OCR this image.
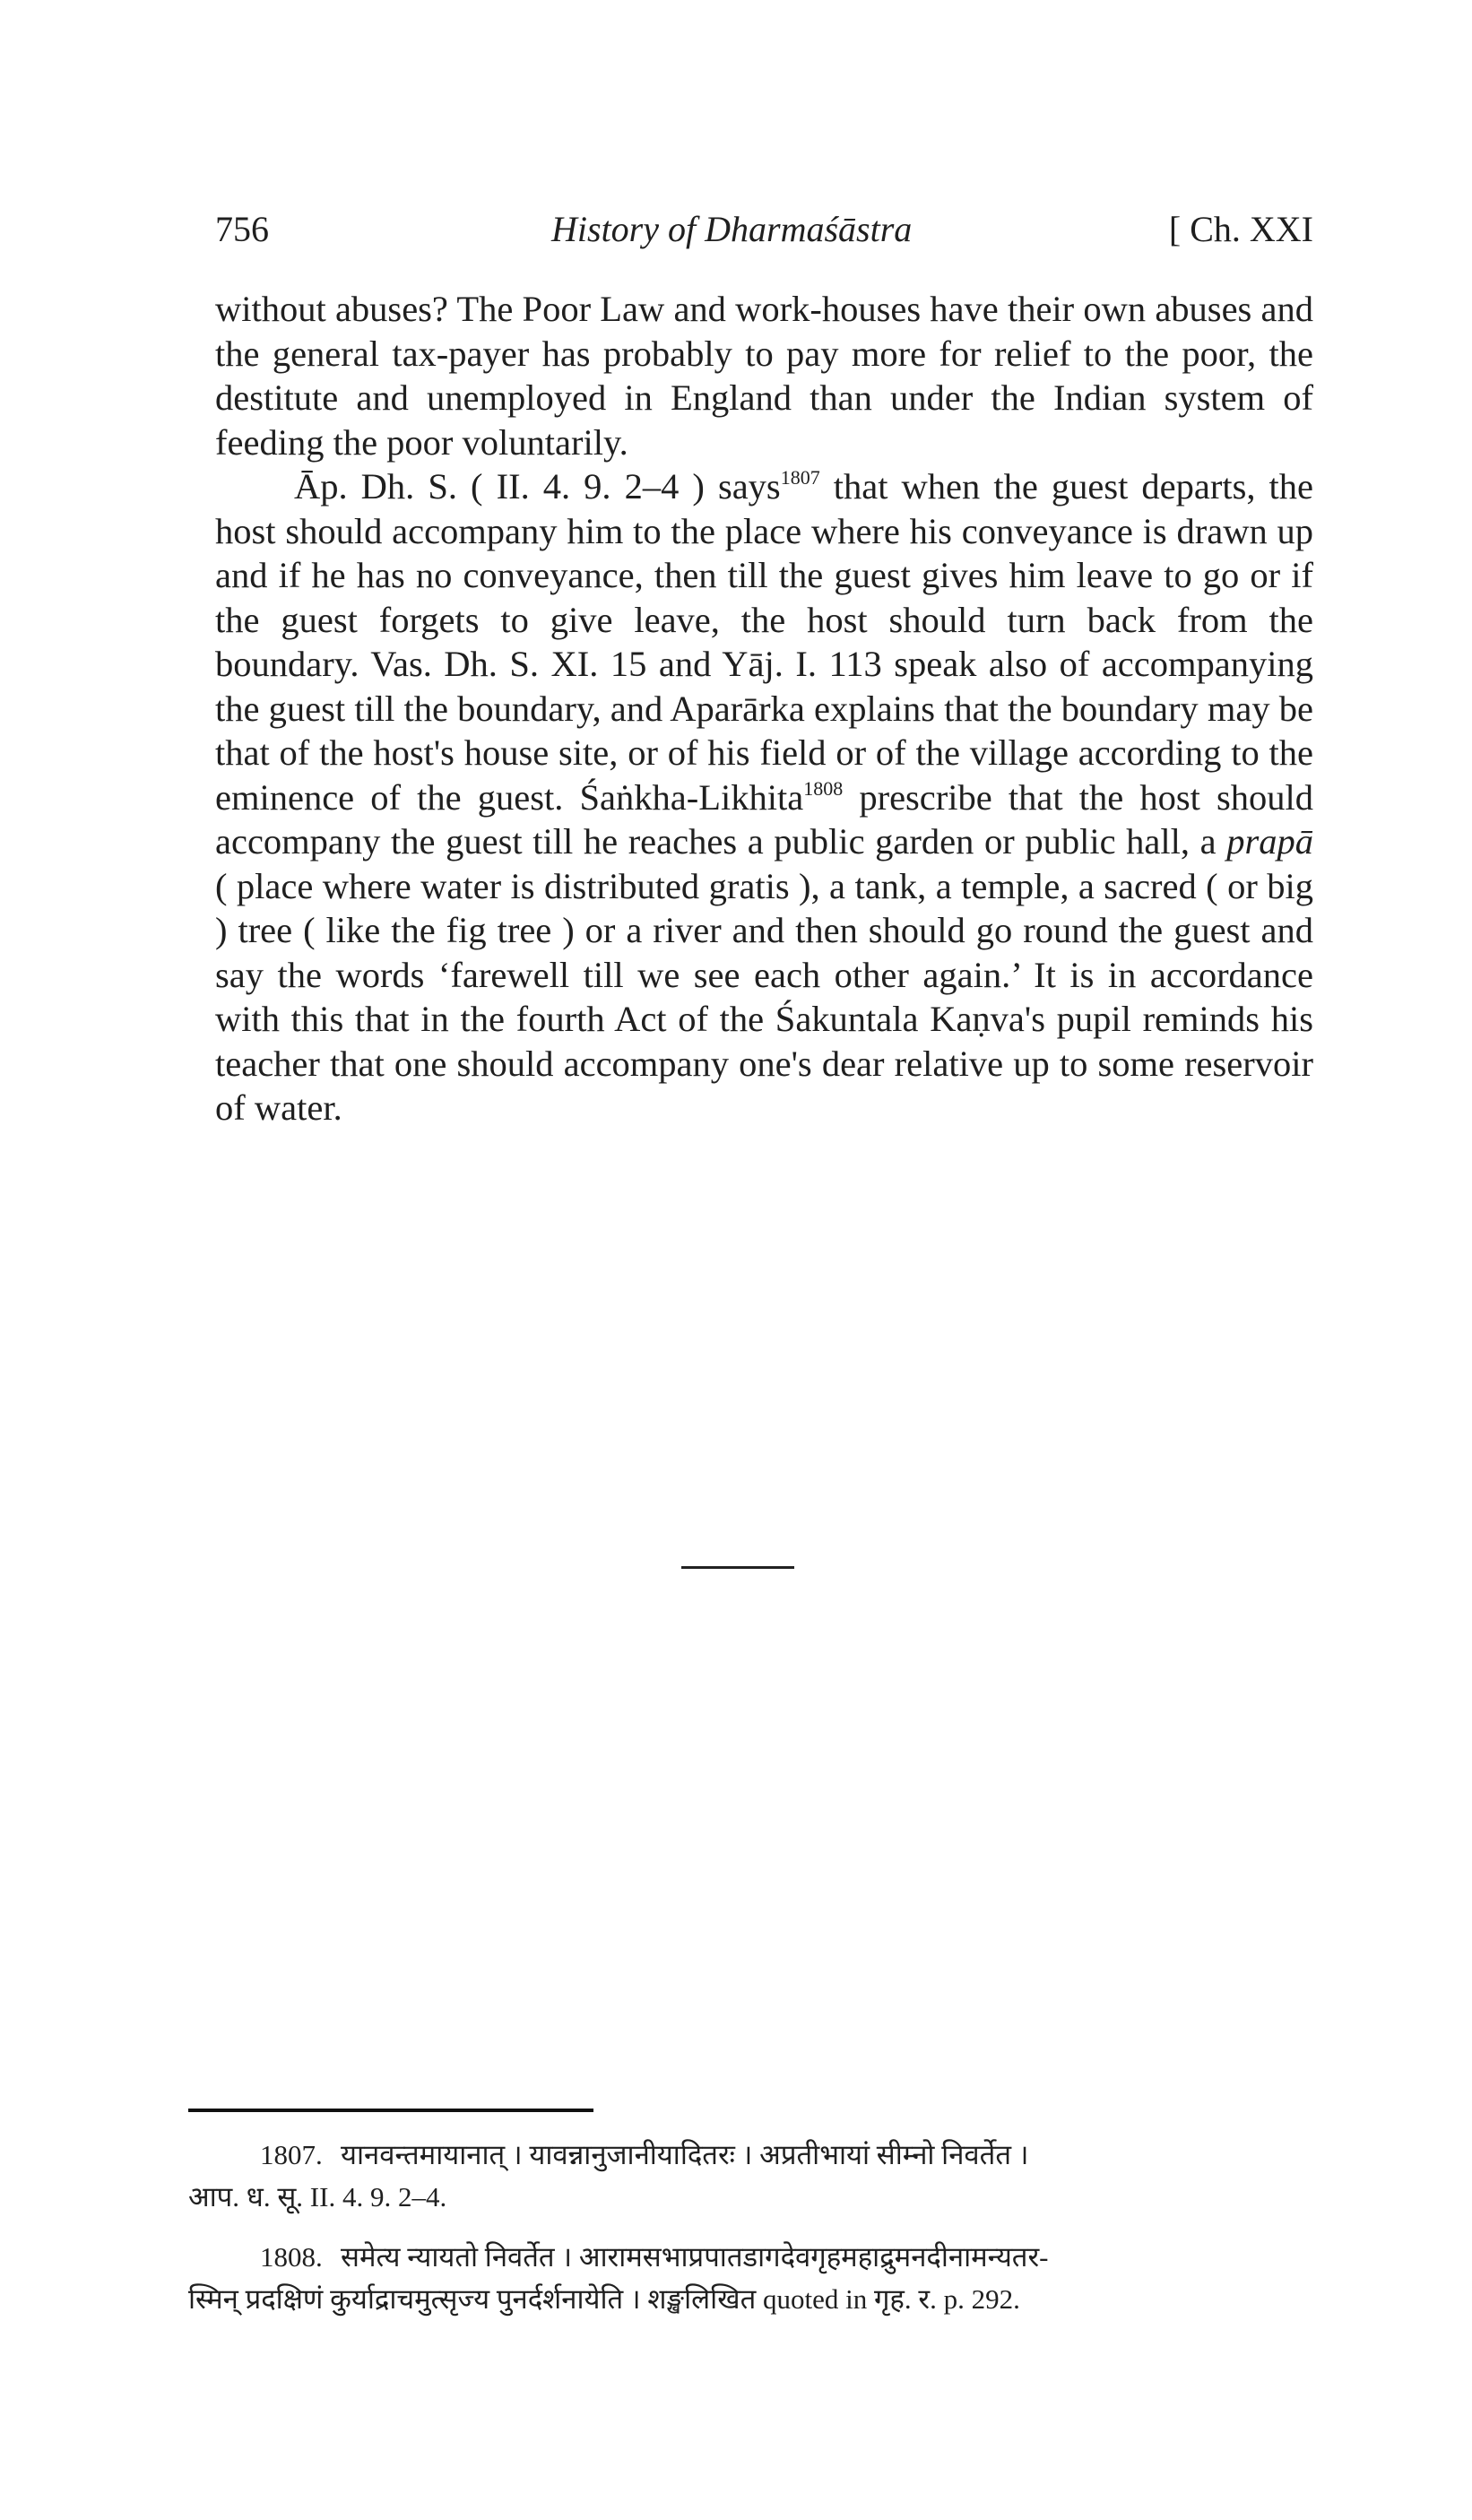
756	History of Dharmaśāstra	[ Ch. XXI

without abuses? The Poor Law and work-houses have their own abuses and the general tax-payer has probably to pay more for relief to the poor, the destitute and unemployed in England than under the Indian system of feeding the poor voluntarily.

Āp. Dh. S. ( II. 4. 9. 2–4 ) says$^{1807}$ that when the guest departs, the host should accompany him to the place where his conveyance is drawn up and if he has no conveyance, then till the guest gives him leave to go or if the guest forgets to give leave, the host should turn back from the boundary. Vas. Dh. S. XI. 15 and Yāj. I. 113 speak also of accompanying the guest till the boundary, and Aparārka explains that the boundary may be that of the host's house site, or of his field or of the village according to the eminence of the guest. Śaṅkha-Likhita$^{1808}$ prescribe that the host should accompany the guest till he reaches a public garden or public hall, a prapā ( place where water is distributed gratis ), a tank, a temple, a sacred ( or big ) tree ( like the fig tree ) or a river and then should go round the guest and say the words ‘farewell till we see each other again.’ It is in accordance with this that in the fourth Act of the Śakuntala Kaṇva's pupil reminds his teacher that one should accompany one's dear relative up to some reservoir of water.

1807. यानवन्तमायानात् । यावन्नानुजानीयादितरः । अप्रतीभायां सीम्नो निवर्तेत ।
आप. ध. सू. II. 4. 9. 2–4.
1808. समेत्य न्यायतो निवर्तेत । आरामसभाप्रपातडागदेवगृहमहाद्रुमनदीनामन्यतर-
स्मिन् प्रदक्षिणं कुर्याद्राचमुत्सृज्य पुनर्दर्शनायेति । शङ्खलिखित quoted in गृह. र. p. 292.
